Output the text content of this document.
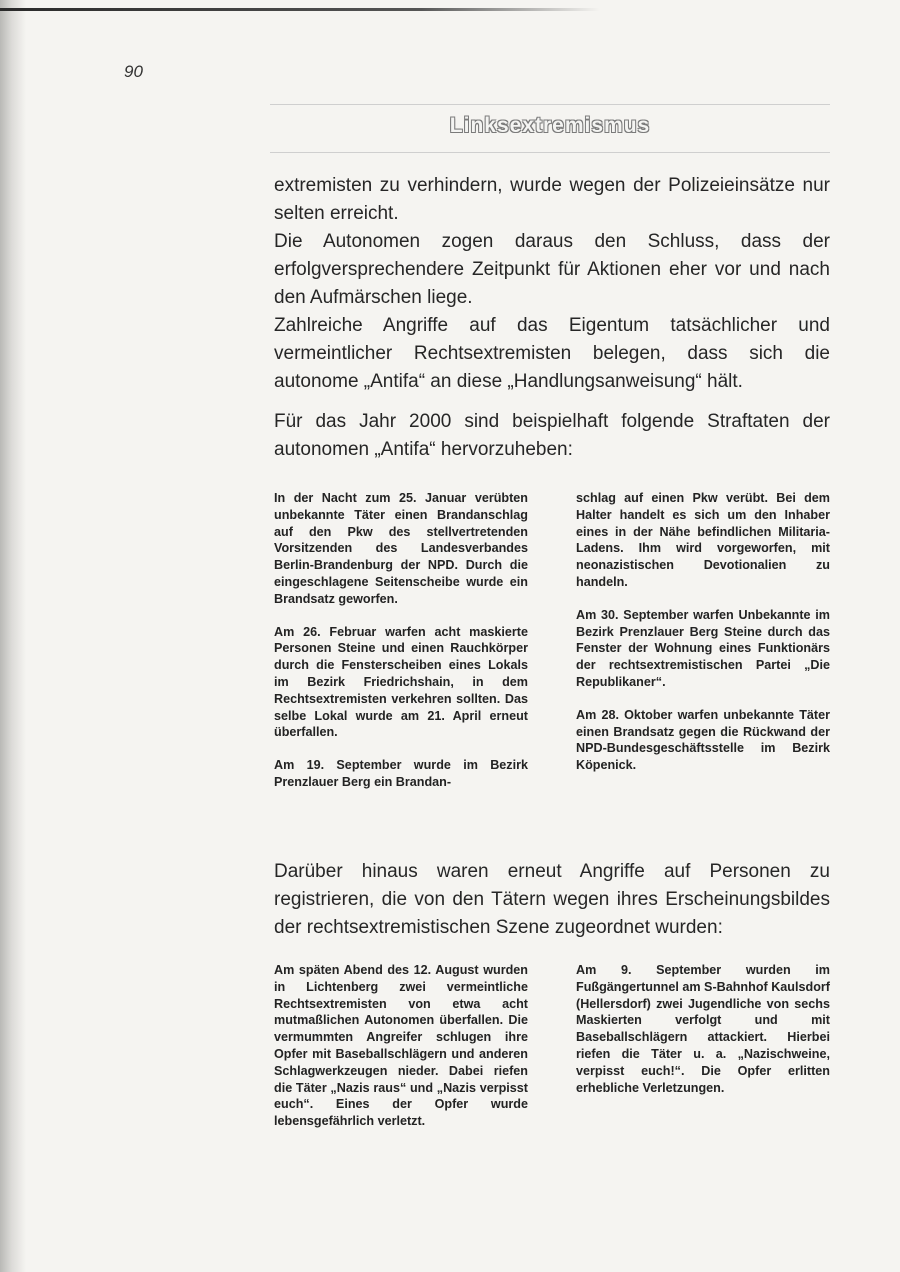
90
Linksextremismus

extremisten zu verhindern, wurde wegen der Polizeieinsätze nur selten erreicht.

Die Autonomen zogen daraus den Schluss, dass der erfolgversprechendere Zeitpunkt für Aktionen eher vor und nach den Aufmärschen liege.

Zahlreiche Angriffe auf das Eigentum tatsächlicher und vermeintlicher Rechtsextremisten belegen, dass sich die autonome „Antifa“ an diese „Handlungsanweisung“ hält.

Für das Jahr 2000 sind beispielhaft folgende Straftaten der autonomen „Antifa“ hervorzuheben:

In der Nacht zum 25. Januar verübten unbekannte Täter einen Brandanschlag auf den Pkw des stellvertretenden Vorsitzenden des Landesverbandes Berlin-Brandenburg der NPD. Durch die eingeschlagene Seitenscheibe wurde ein Brandsatz geworfen.

Am 26. Februar warfen acht maskierte Personen Steine und einen Rauchkörper durch die Fensterscheiben eines Lokals im Bezirk Friedrichshain, in dem Rechtsextremisten verkehren sollten. Das selbe Lokal wurde am 21. April erneut überfallen.

Am 19. September wurde im Bezirk Prenzlauer Berg ein Brandan-

schlag auf einen Pkw verübt. Bei dem Halter handelt es sich um den Inhaber eines in der Nähe befindlichen Militaria-Ladens. Ihm wird vorgeworfen, mit neonazistischen Devotionalien zu handeln.

Am 30. September warfen Unbekannte im Bezirk Prenzlauer Berg Steine durch das Fenster der Wohnung eines Funktionärs der rechtsextremistischen Partei „Die Republikaner“.

Am 28. Oktober warfen unbekannte Täter einen Brandsatz gegen die Rückwand der NPD-Bundesgeschäftsstelle im Bezirk Köpenick.

Darüber hinaus waren erneut Angriffe auf Personen zu registrieren, die von den Tätern wegen ihres Erscheinungsbildes der rechtsextremistischen Szene zugeordnet wurden:

Am späten Abend des 12. August wurden in Lichtenberg zwei vermeintliche Rechtsextremisten von etwa acht mutmaßlichen Autonomen überfallen. Die vermummten Angreifer schlugen ihre Opfer mit Baseballschlägern und anderen Schlagwerkzeugen nieder. Dabei riefen die Täter „Nazis raus“ und „Nazis verpisst euch“. Eines der Opfer wurde lebensgefährlich verletzt.

Am 9. September wurden im Fußgängertunnel am S-Bahnhof Kaulsdorf (Hellersdorf) zwei Jugendliche von sechs Maskierten verfolgt und mit Baseballschlägern attackiert. Hierbei riefen die Täter u. a. „Nazischweine, verpisst euch!“. Die Opfer erlitten erhebliche Verletzungen.
